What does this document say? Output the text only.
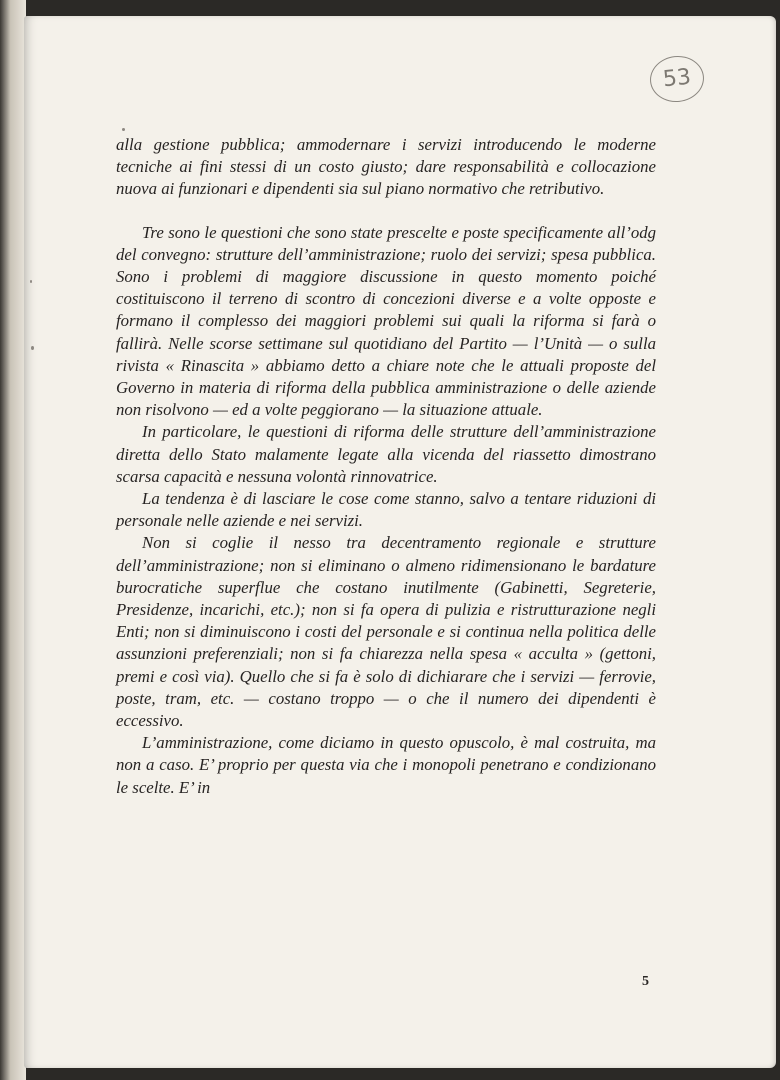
53

alla gestione pubblica; ammodernare i servizi introducendo le moderne tecniche ai fini stessi di un costo giusto; dare responsabilità e collocazione nuova ai funzionari e dipendenti sia sul piano normativo che retributivo.

Tre sono le questioni che sono state prescelte e poste specificamente all’odg del convegno: strutture dell’amministrazione; ruolo dei servizi; spesa pubblica. Sono i problemi di maggiore discussione in questo momento poiché costituiscono il terreno di scontro di concezioni diverse e a volte opposte e formano il complesso dei maggiori problemi sui quali la riforma si farà o fallirà. Nelle scorse settimane sul quotidiano del Partito — l’Unità — o sulla rivista « Rinascita » abbiamo detto a chiare note che le attuali proposte del Governo in materia di riforma della pubblica amministrazione o delle aziende non risolvono — ed a volte peggiorano — la situazione attuale.

In particolare, le questioni di riforma delle strutture dell’amministrazione diretta dello Stato malamente legate alla vicenda del riassetto dimostrano scarsa capacità e nessuna volontà rinnovatrice.

La tendenza è di lasciare le cose come stanno, salvo a tentare riduzioni di personale nelle aziende e nei servizi.

Non si coglie il nesso tra decentramento regionale e strutture dell’amministrazione; non si eliminano o almeno ridimensionano le bardature burocratiche superflue che costano inutilmente (Gabinetti, Segreterie, Presidenze, incarichi, etc.); non si fa opera di pulizia e ristrutturazione negli Enti; non si diminuiscono i costi del personale e si continua nella politica delle assunzioni preferenziali; non si fa chiarezza nella spesa « acculta » (gettoni, premi e così via). Quello che si fa è solo di dichiarare che i servizi — ferrovie, poste, tram, etc. — costano troppo — o che il numero dei dipendenti è eccessivo.

L’amministrazione, come diciamo in questo opuscolo, è mal costruita, ma non a caso. E’ proprio per questa via che i monopoli penetrano e condizionano le scelte. E’ in

5
